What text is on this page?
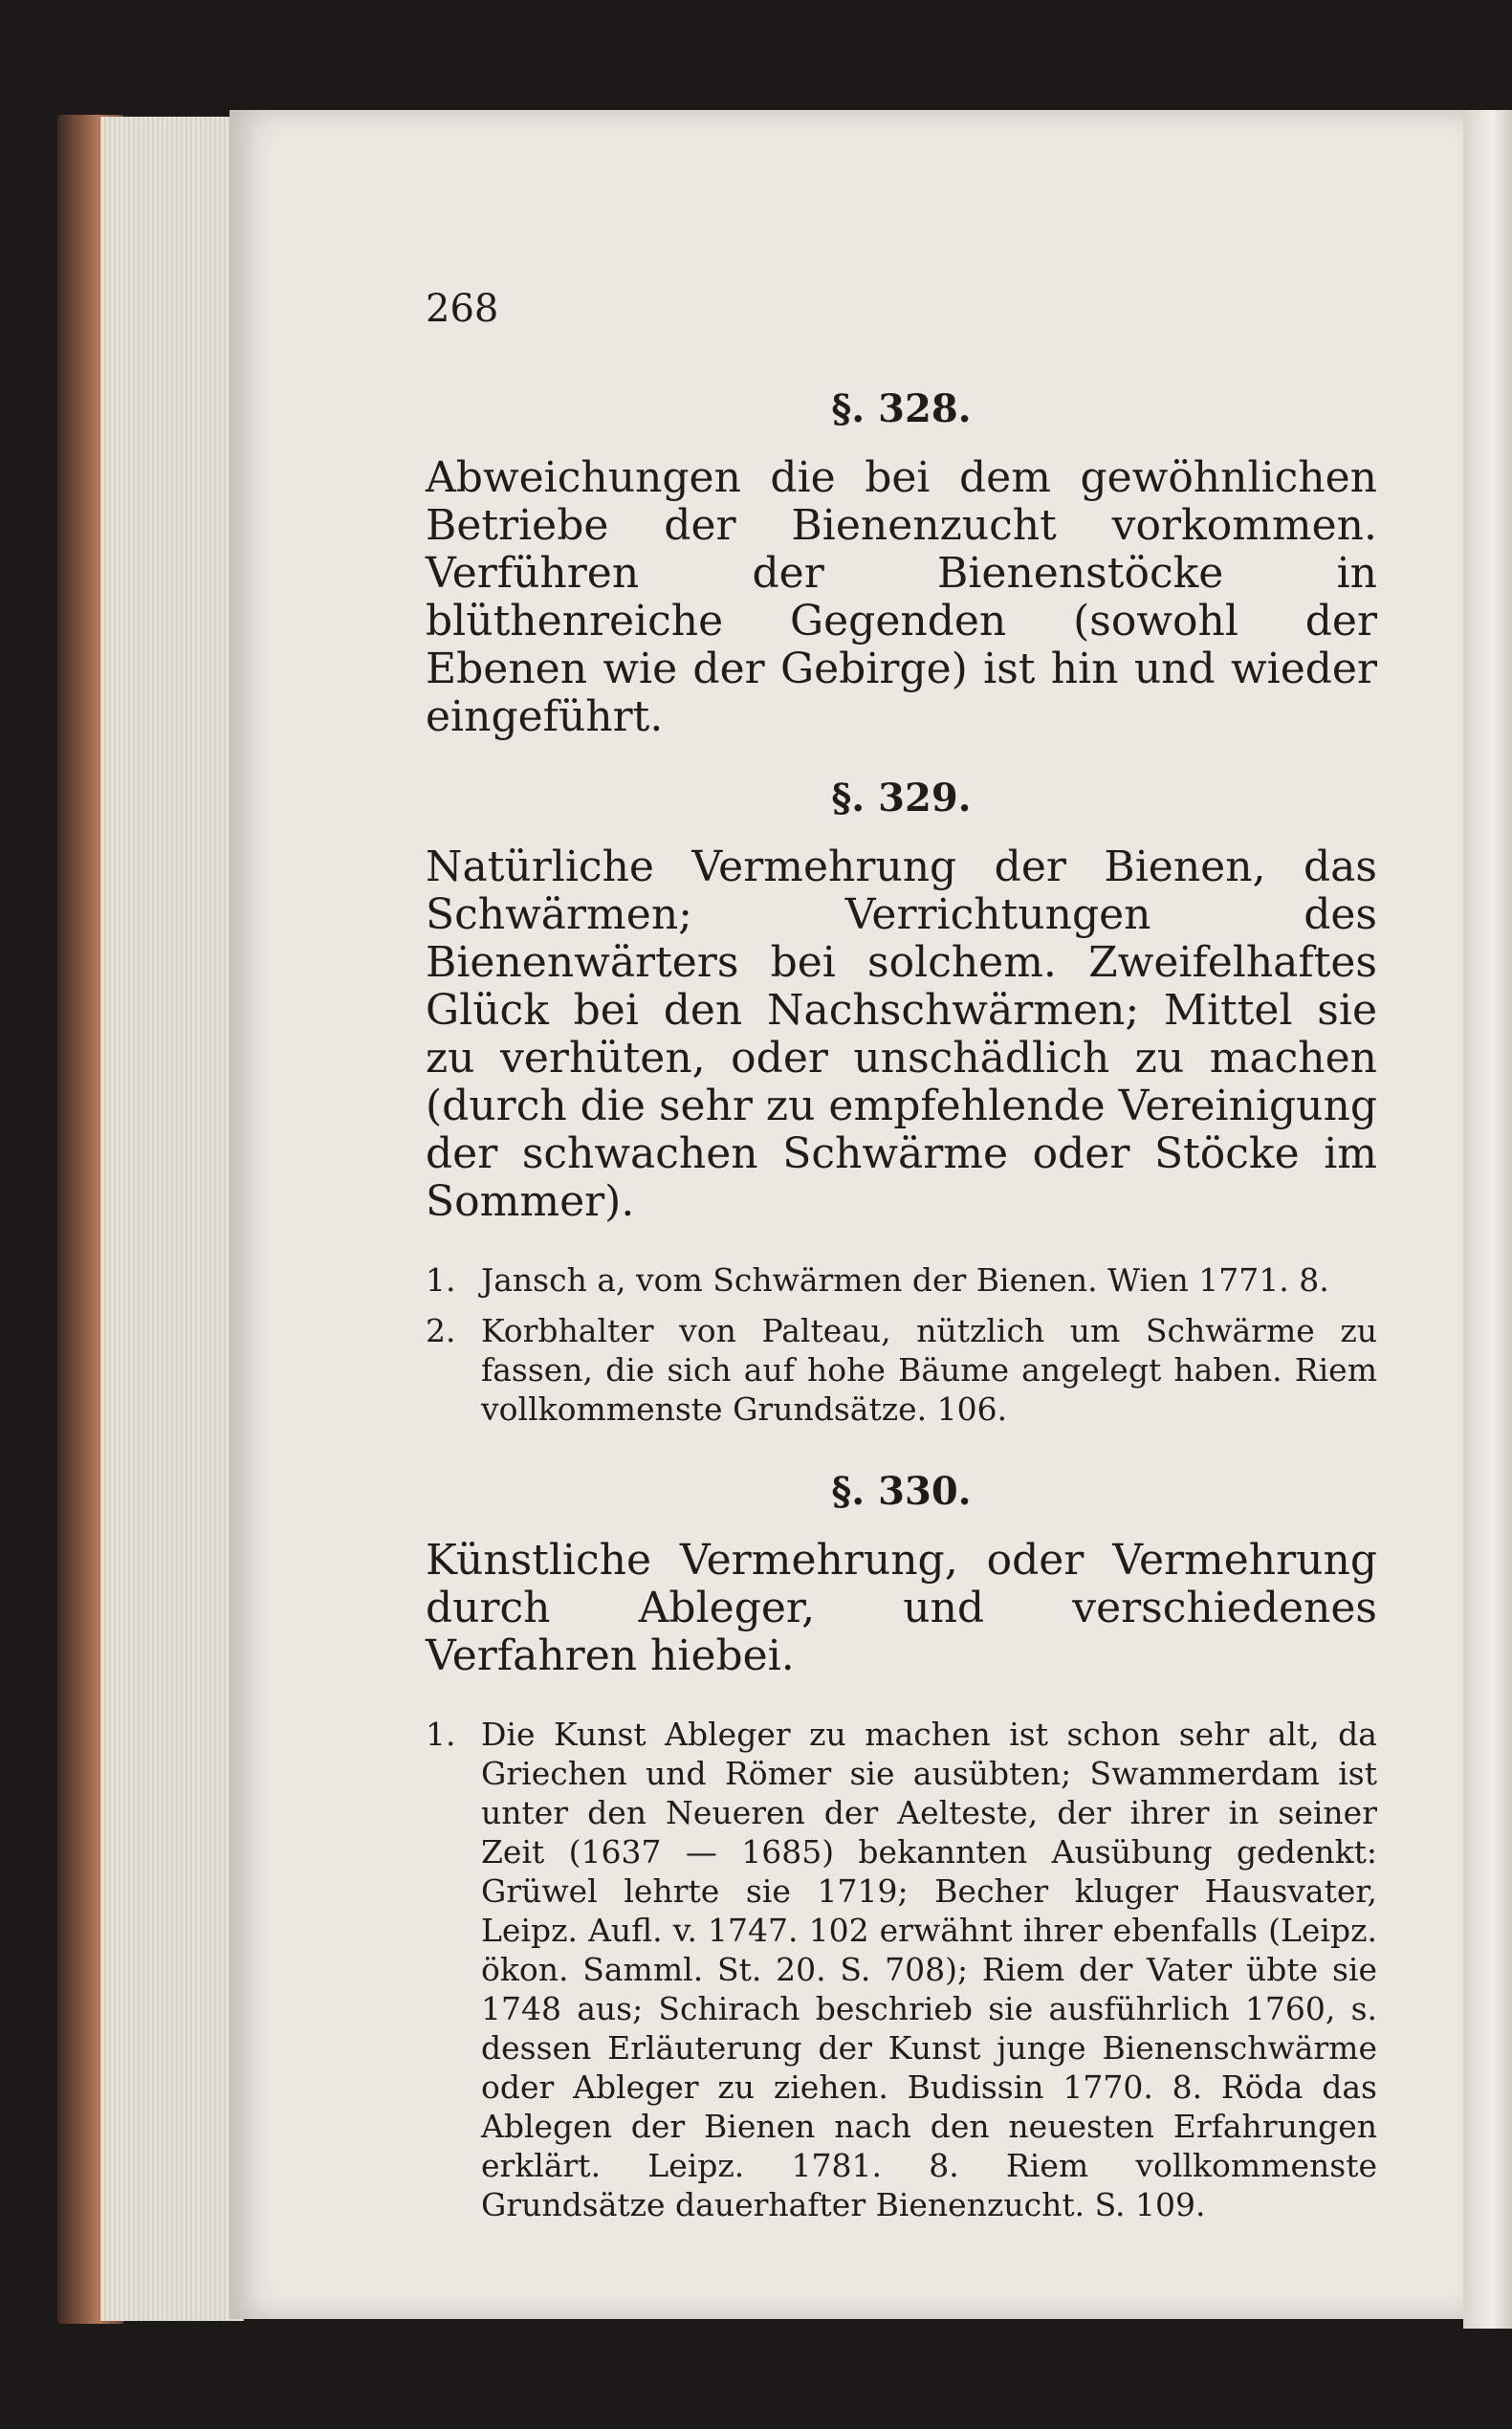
268
§. 328.

Abweichungen die bei dem gewöhnlichen Betriebe der Bienenzucht vorkommen. Verführen der Bienenstöcke in blüthenreiche Gegenden (sowohl der Ebenen wie der Gebirge) ist hin und wieder eingeführt.

§. 329.

Natürliche Vermehrung der Bienen, das Schwärmen; Verrichtungen des Bienenwärters bei solchem. Zweifelhaftes Glück bei den Nachschwärmen; Mittel sie zu verhüten, oder unschädlich zu machen (durch die sehr zu empfehlende Vereinigung der schwachen Schwärme oder Stöcke im Sommer).

1. Jansch a, vom Schwärmen der Bienen. Wien 1771. 8.
2. Korbhalter von Palteau, nützlich um Schwärme zu fassen, die sich auf hohe Bäume angelegt haben. Riem vollkommenste Grundsätze. 106.
§. 330.

Künstliche Vermehrung, oder Vermehrung durch Ableger, und verschiedenes Verfahren hiebei.

1. Die Kunst Ableger zu machen ist schon sehr alt, da Griechen und Römer sie ausübten; Swammerdam ist unter den Neueren der Aelteste, der ihrer in seiner Zeit (1637 — 1685) bekannten Ausübung gedenkt: Grüwel lehrte sie 1719; Becher kluger Hausvater, Leipz. Aufl. v. 1747. 102 erwähnt ihrer ebenfalls (Leipz. ökon. Samml. St. 20. S. 708); Riem der Vater übte sie 1748 aus; Schirach beschrieb sie ausführlich 1760, s. dessen Erläuterung der Kunst junge Bienenschwärme oder Ableger zu ziehen. Budissin 1770. 8. Röda das Ablegen der Bienen nach den neuesten Erfahrungen erklärt. Leipz. 1781. 8. Riem vollkommenste Grundsätze dauerhafter Bienenzucht. S. 109.
